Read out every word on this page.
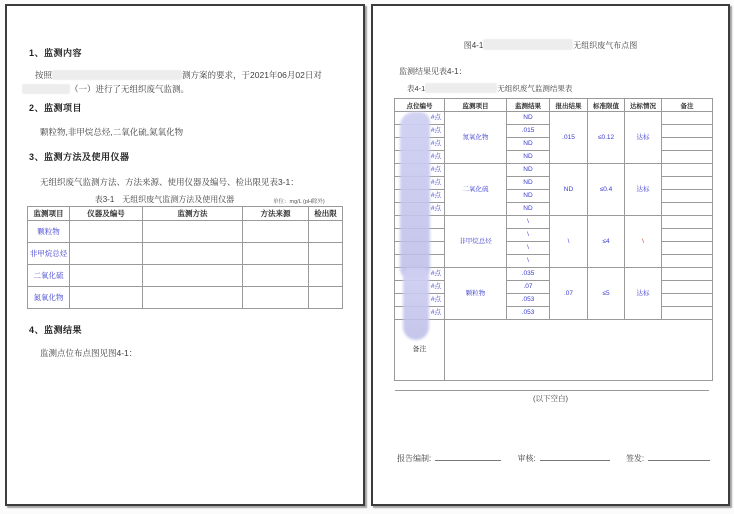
1、监测内容
按照	测方案的要求，于2021年06月02日对
（一）进行了无组织废气监测。
2、监测项目
颗粒物,非甲烷总烃,二氧化硫,氮氧化物
3、监测方法及使用仪器
无组织废气监测方法、方法来源、使用仪器及编号、检出限见表3-1：
表3-1　无组织废气监测方法及使用仪器	单位：mg/L (pH除外)
监测项目	仪器及编号	监测方法	方法来源	检出限
颗粒物				
非甲烷总烃				
二氧化硫				
氮氧化物				
4、监测结果
监测点位布点图见图4-1：
图4-1	无组织废气布点图
监测结果见表4-1：
表4-1	无组织废气监测结果表
点位编号	监测项目	监测结果	报出结果	标准限值	达标情况	备注
#点	氮氧化物	ND	.015	≤0.12	达标	
#点		.015				
#点		ND				
#点		ND				
#点	二氧化硫	ND	ND	≤0.4	达标	
#点		ND				
#点		ND				
#点		ND				
	非甲烷总烃	\	\	≤4	\	
		\				
		\				
		\				
#点	颗粒物	.035	.07	≤5	达标	
#点		.07				
#点		.053				
#点		.053				
备注						
(以下空白)
报告编制:	审核:	签发:
